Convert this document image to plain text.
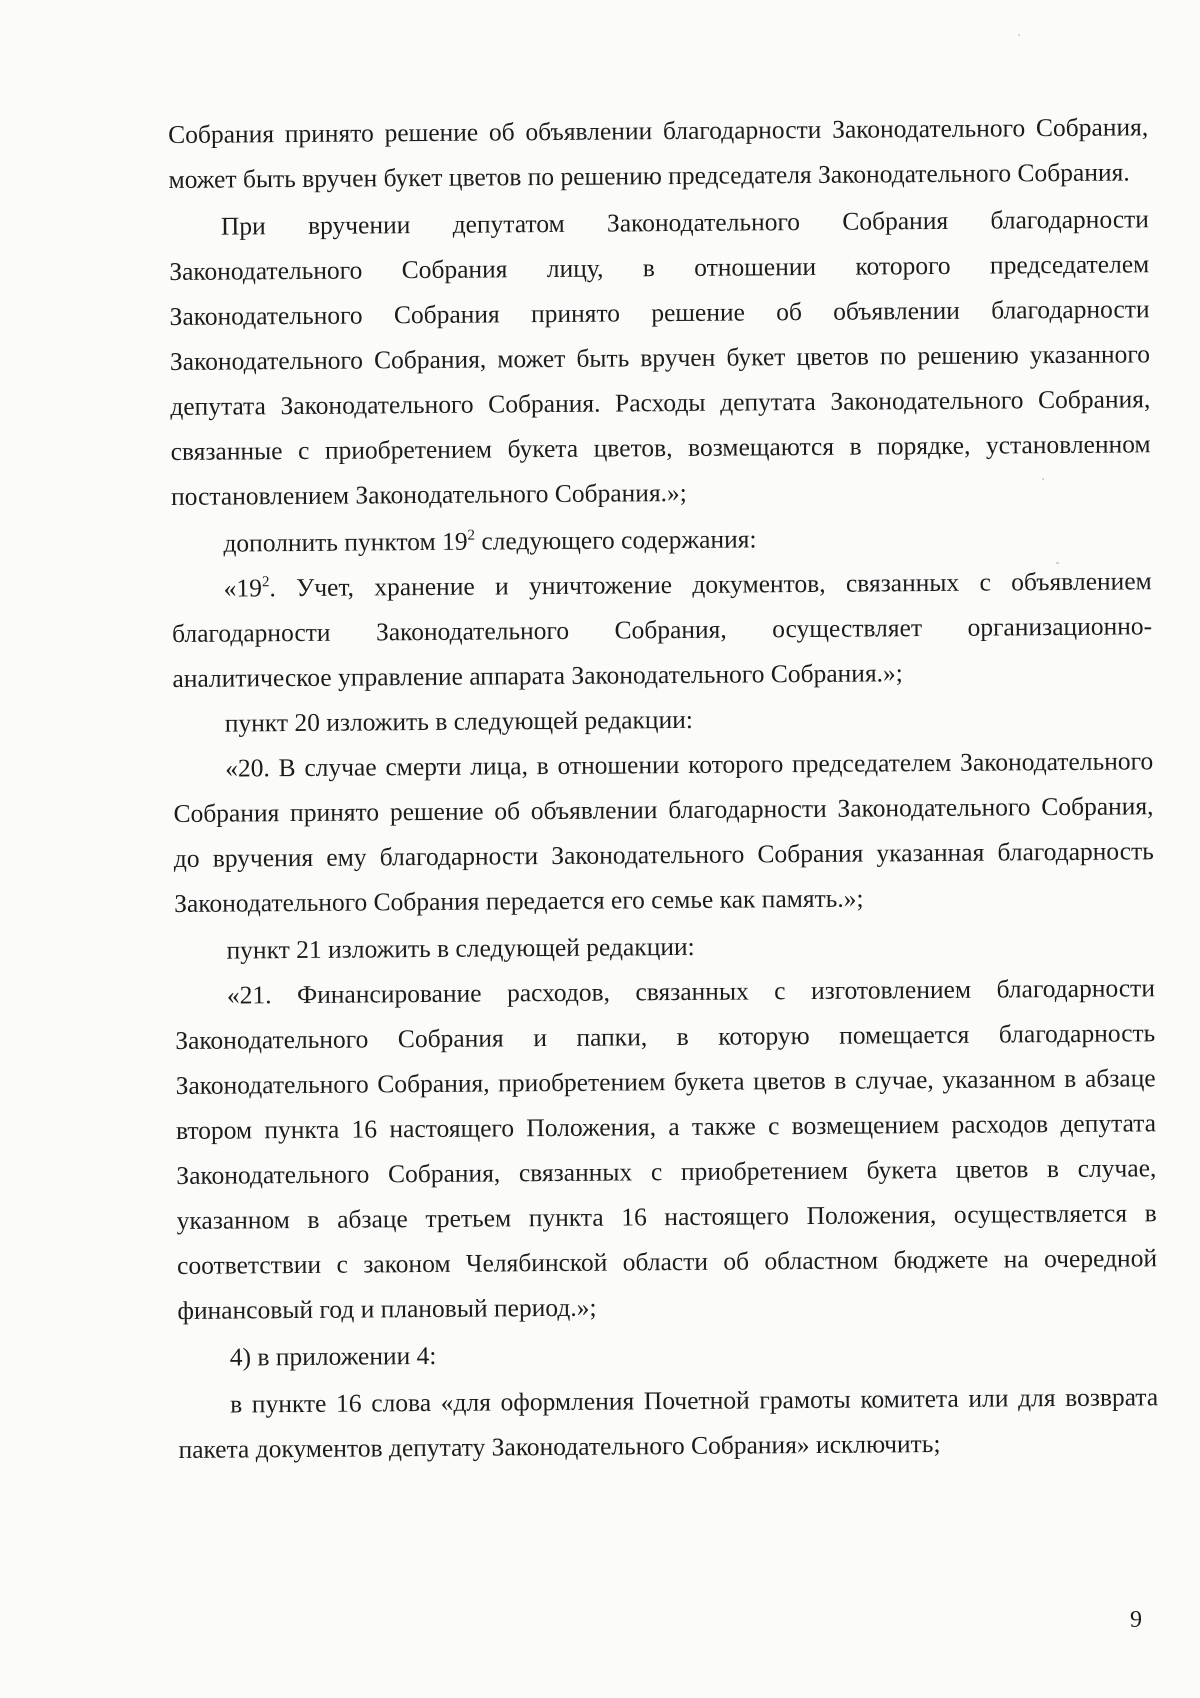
Собрания принято решение об объявлении благодарности Законодательного Собрания, может быть вручен букет цветов по решению председателя Законодательного Собрания.

При вручении депутатом Законодательного Собрания благодарности Законодательного Собрания лицу, в отношении которого председателем Законодательного Собрания принято решение об объявлении благодарности Законодательного Собрания, может быть вручен букет цветов по решению указанного депутата Законодательного Собрания. Расходы депутата Законодательного Собрания, связанные с приобретением букета цветов, возмещаются в порядке, установленном постановлением Законодательного Собрания.»;

дополнить пунктом $19^2$ следующего содержания:

«$19^2$. Учет, хранение и уничтожение документов, связанных с объявлением благодарности Законодательного Собрания, осуществляет организационно-аналитическое управление аппарата Законодательного Собрания.»;

пункт 20 изложить в следующей редакции:

«20. В случае смерти лица, в отношении которого председателем Законодательного Собрания принято решение об объявлении благодарности Законодательного Собрания, до вручения ему благодарности Законодательного Собрания указанная благодарность Законодательного Собрания передается его семье как память.»;

пункт 21 изложить в следующей редакции:

«21. Финансирование расходов, связанных с изготовлением благодарности Законодательного Собрания и папки, в которую помещается благодарность Законодательного Собрания, приобретением букета цветов в случае, указанном в абзаце втором пункта 16 настоящего Положения, а также с возмещением расходов депутата Законодательного Собрания, связанных с приобретением букета цветов в случае, указанном в абзаце третьем пункта 16 настоящего Положения, осуществляется в соответствии с законом Челябинской области об областном бюджете на очередной финансовый год и плановый период.»;

4) в приложении 4:

в пункте 16 слова «для оформления Почетной грамоты комитета или для возврата пакета документов депутату Законодательного Собрания» исключить;

9
